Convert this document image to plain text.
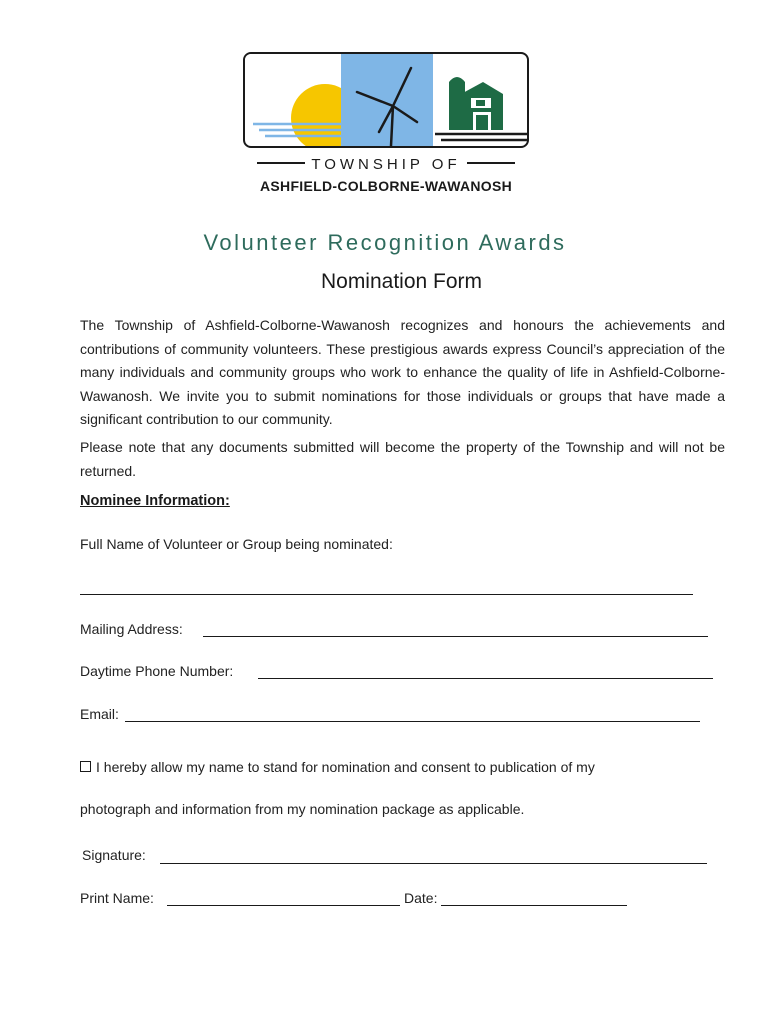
TOWNSHIP OF
ASHFIELD-COLBORNE-WAWANOSH
Volunteer Recognition Awards
Nomination Form
The Township of Ashfield-Colborne-Wawanosh recognizes and honours the achievements and contributions of community volunteers. These prestigious awards express Council’s appreciation of the many individuals and community groups who work to enhance the quality of life in Ashfield-Colborne-Wawanosh. We invite you to submit nominations for those individuals or groups that have made a significant contribution to our community.
Please note that any documents submitted will become the property of the Township and will not be returned.
Nominee Information:
Full Name of Volunteer or Group being nominated:
Mailing Address:
Daytime Phone Number:
Email:
I hereby allow my name to stand for nomination and consent to publication of my
photograph and information from my nomination package as applicable.
Signature:
Print Name:	Date:
